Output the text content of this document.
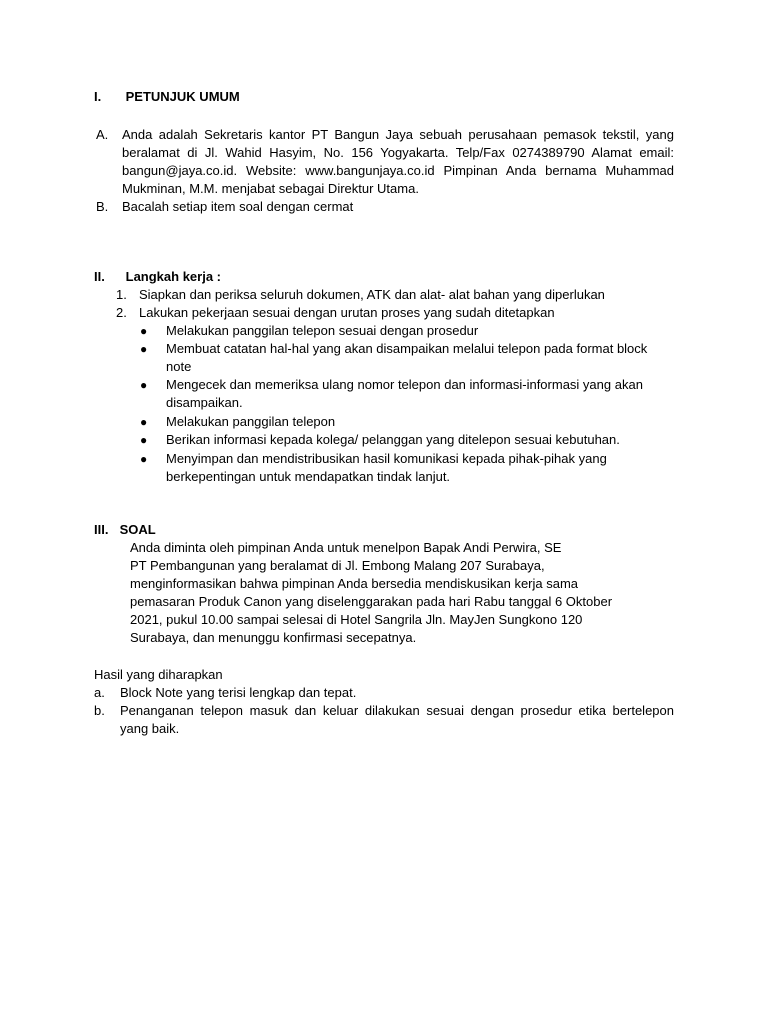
I. PETUNJUK UMUM
A. Anda adalah Sekretaris kantor PT Bangun Jaya sebuah perusahaan pemasok tekstil, yang beralamat di Jl. Wahid Hasyim, No. 156 Yogyakarta. Telp/Fax 0274389790 Alamat email: bangun@jaya.co.id. Website: www.bangunjaya.co.id Pimpinan Anda bernama Muhammad Mukminan, M.M. menjabat sebagai Direktur Utama.
B. Bacalah setiap item soal dengan cermat
II. Langkah kerja :
1. Siapkan dan periksa seluruh dokumen, ATK dan alat- alat bahan yang diperlukan
2. Lakukan pekerjaan sesuai dengan urutan proses yang sudah ditetapkan
● Melakukan panggilan telepon sesuai dengan prosedur
● Membuat catatan hal-hal yang akan disampaikan melalui telepon pada format block note
● Mengecek dan memeriksa ulang nomor telepon dan informasi-informasi yang akan disampaikan.
● Melakukan panggilan telepon
● Berikan informasi kepada kolega/ pelanggan yang ditelepon sesuai kebutuhan.
● Menyimpan dan mendistribusikan hasil komunikasi kepada pihak-pihak yang berkepentingan untuk mendapatkan tindak lanjut.
III. SOAL
Anda diminta oleh pimpinan Anda untuk menelpon Bapak Andi Perwira, SE
PT Pembangunan yang beralamat di Jl. Embong Malang 207 Surabaya,
menginformasikan bahwa pimpinan Anda bersedia mendiskusikan kerja sama
pemasaran Produk Canon yang diselenggarakan pada hari Rabu tanggal 6 Oktober
2021, pukul 10.00 sampai selesai di Hotel Sangrila Jln. MayJen Sungkono 120
Surabaya, dan menunggu konfirmasi secepatnya.
Hasil yang diharapkan
a. Block Note yang terisi lengkap dan tepat.
b. Penanganan telepon masuk dan keluar dilakukan sesuai dengan prosedur etika bertelepon yang baik.
